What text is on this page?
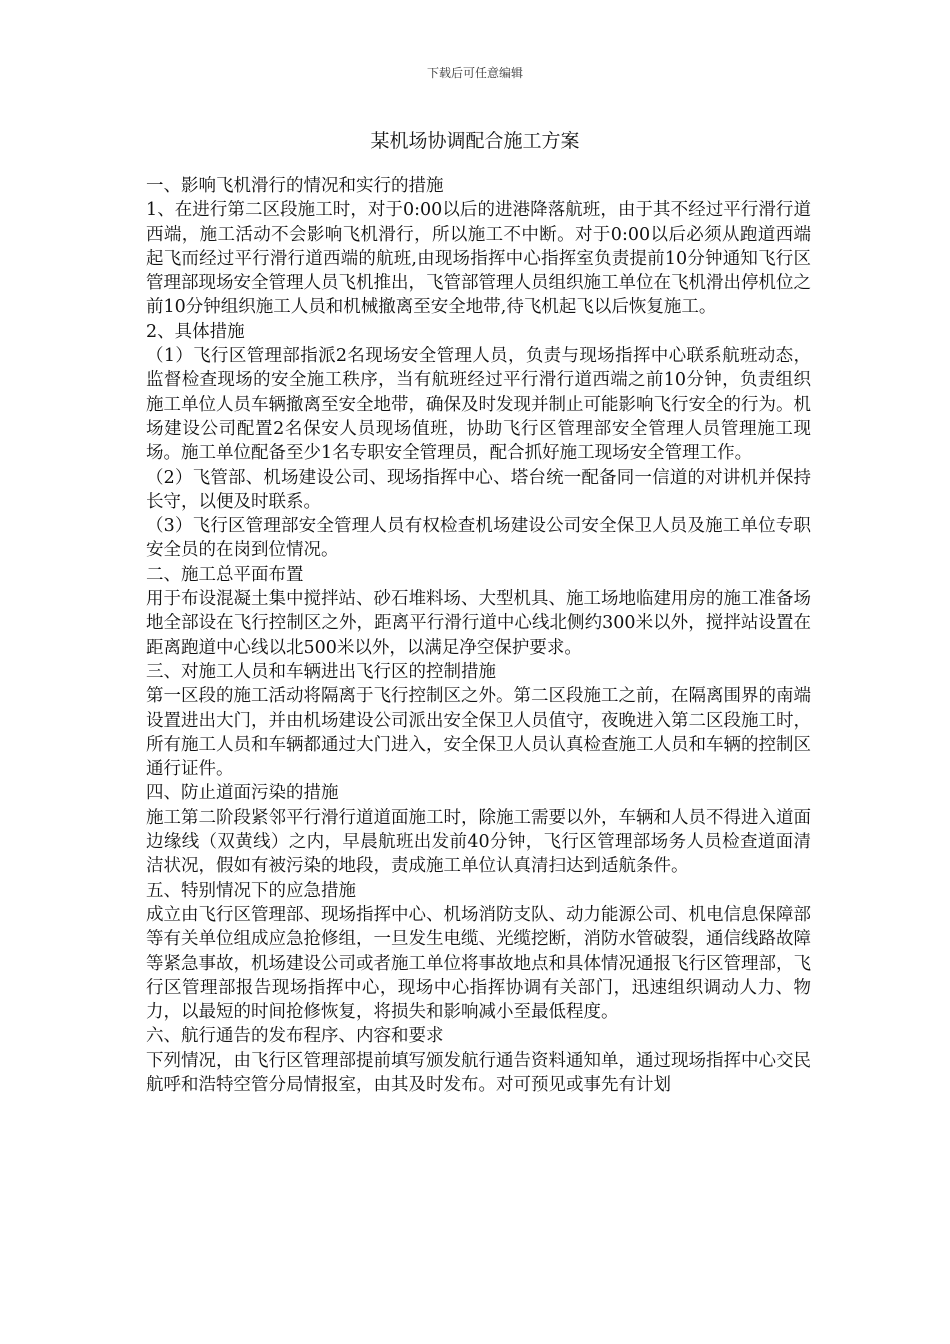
下载后可任意编辑
某机场协调配合施工方案

一、影响飞机滑行的情况和实行的措施

1、在进行第二区段施工时，对于0:00以后的进港降落航班，由于其不经过平行滑行道西端，施工活动不会影响飞机滑行，所以施工不中断。对于0:00以后必须从跑道西端起飞而经过平行滑行道西端的航班,由现场指挥中心指挥室负责提前10分钟通知飞行区管理部现场安全管理人员飞机推出，飞管部管理人员组织施工单位在飞机滑出停机位之前10分钟组织施工人员和机械撤离至安全地带,待飞机起飞以后恢复施工。

2、具体措施

（1）飞行区管理部指派2名现场安全管理人员，负责与现场指挥中心联系航班动态，监督检查现场的安全施工秩序，当有航班经过平行滑行道西端之前10分钟，负责组织施工单位人员车辆撤离至安全地带，确保及时发现并制止可能影响飞行安全的行为。机场建设公司配置2名保安人员现场值班，协助飞行区管理部安全管理人员管理施工现场。施工单位配备至少1名专职安全管理员，配合抓好施工现场安全管理工作。

（2）飞管部、机场建设公司、现场指挥中心、塔台统一配备同一信道的对讲机并保持长守，以便及时联系。

（3）飞行区管理部安全管理人员有权检查机场建设公司安全保卫人员及施工单位专职安全员的在岗到位情况。

二、施工总平面布置

用于布设混凝土集中搅拌站、砂石堆料场、大型机具、施工场地临建用房的施工准备场地全部设在飞行控制区之外，距离平行滑行道中心线北侧约300米以外，搅拌站设置在距离跑道中心线以北500米以外，以满足净空保护要求。

三、对施工人员和车辆进出飞行区的控制措施

第一区段的施工活动将隔离于飞行控制区之外。第二区段施工之前，在隔离围界的南端设置进出大门，并由机场建设公司派出安全保卫人员值守，夜晚进入第二区段施工时，所有施工人员和车辆都通过大门进入，安全保卫人员认真检查施工人员和车辆的控制区通行证件。

四、防止道面污染的措施

施工第二阶段紧邻平行滑行道道面施工时，除施工需要以外，车辆和人员不得进入道面边缘线（双黄线）之内，早晨航班出发前40分钟，飞行区管理部场务人员检查道面清洁状况，假如有被污染的地段，责成施工单位认真清扫达到适航条件。

五、特别情况下的应急措施

成立由飞行区管理部、现场指挥中心、机场消防支队、动力能源公司、机电信息保障部等有关单位组成应急抢修组，一旦发生电缆、光缆挖断，消防水管破裂，通信线路故障等紧急事故，机场建设公司或者施工单位将事故地点和具体情况通报飞行区管理部，飞行区管理部报告现场指挥中心，现场中心指挥协调有关部门，迅速组织调动人力、物力，以最短的时间抢修恢复，将损失和影响减小至最低程度。

六、航行通告的发布程序、内容和要求

下列情况，由飞行区管理部提前填写颁发航行通告资料通知单，通过现场指挥中心交民航呼和浩特空管分局情报室，由其及时发布。对可预见或事先有计划
